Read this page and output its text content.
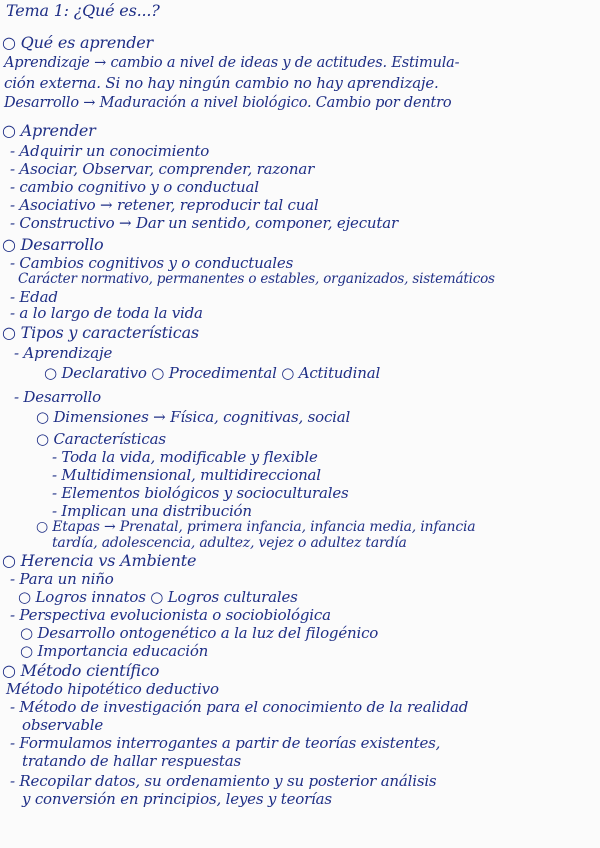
Tema 1: ¿Qué es...?
○ Qué es aprender
Aprendizaje → cambio a nivel de ideas y de actitudes. Estimula-
ción externa. Si no hay ningún cambio no hay aprendizaje.
Desarrollo → Maduración a nivel biológico. Cambio por dentro
○ Aprender
- Adquirir un conocimiento
- Asociar, Observar, comprender, razonar
- cambio cognitivo y o conductual
- Asociativo → retener, reproducir tal cual
- Constructivo → Dar un sentido, componer, ejecutar
○ Desarrollo
- Cambios cognitivos y o conductuales
Carácter normativo, permanentes o estables, organizados, sistemáticos
- Edad
- a lo largo de toda la vida
○ Tipos y características
- Aprendizaje
○ Declarativo ○ Procedimental ○ Actitudinal
- Desarrollo
○ Dimensiones → Física, cognitivas, social
○ Características
- Toda la vida, modificable y flexible
- Multidimensional, multidireccional
- Elementos biológicos y socioculturales
- Implican una distribución
○ Etapas → Prenatal, primera infancia, infancia media, infancia
tardía, adolescencia, adultez, vejez o adultez tardía
○ Herencia vs Ambiente
- Para un niño
○ Logros innatos ○ Logros culturales
- Perspectiva evolucionista o sociobiológica
○ Desarrollo ontogenético a la luz del filogénico
○ Importancia educación
○ Método científico
Método hipotético deductivo
- Método de investigación para el conocimiento de la realidad
observable
- Formulamos interrogantes a partir de teorías existentes,
tratando de hallar respuestas
- Recopilar datos, su ordenamiento y su posterior análisis
y conversión en principios, leyes y teorías
